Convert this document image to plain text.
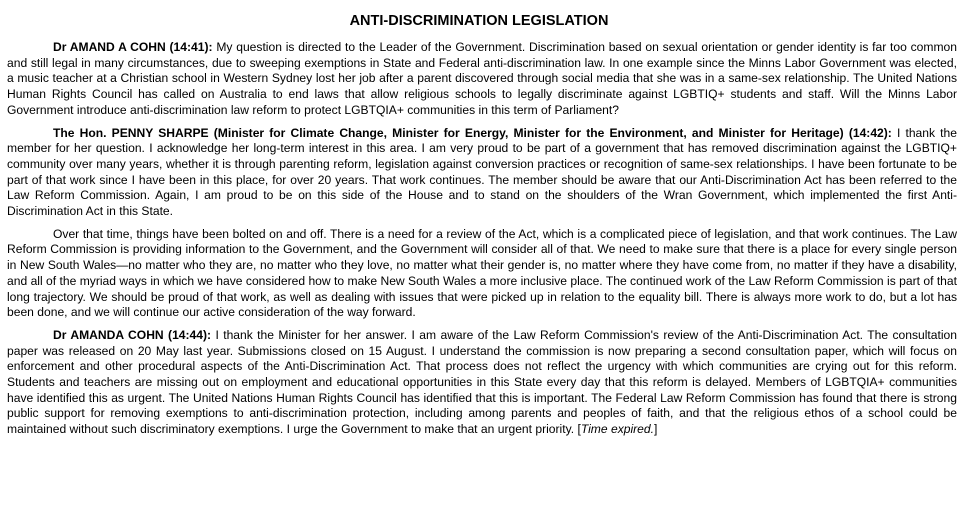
ANTI-DISCRIMINATION LEGISLATION

Dr AMAND A COHN (14:41): My question is directed to the Leader of the Government. Discrimination based on sexual orientation or gender identity is far too common and still legal in many circumstances, due to sweeping exemptions in State and Federal anti-discrimination law. In one example since the Minns Labor Government was elected, a music teacher at a Christian school in Western Sydney lost her job after a parent discovered through social media that she was in a same-sex relationship. The United Nations Human Rights Council has called on Australia to end laws that allow religious schools to legally discriminate against LGBTIQ+ students and staff. Will the Minns Labor Government introduce anti-discrimination law reform to protect LGBTQIA+ communities in this term of Parliament?

The Hon. PENNY SHARPE (Minister for Climate Change, Minister for Energy, Minister for the Environment, and Minister for Heritage) (14:42): I thank the member for her question. I acknowledge her long-term interest in this area. I am very proud to be part of a government that has removed discrimination against the LGBTIQ+ community over many years, whether it is through parenting reform, legislation against conversion practices or recognition of same-sex relationships. I have been fortunate to be part of that work since I have been in this place, for over 20 years. That work continues. The member should be aware that our Anti-Discrimination Act has been referred to the Law Reform Commission. Again, I am proud to be on this side of the House and to stand on the shoulders of the Wran Government, which implemented the first Anti-Discrimination Act in this State.

Over that time, things have been bolted on and off. There is a need for a review of the Act, which is a complicated piece of legislation, and that work continues. The Law Reform Commission is providing information to the Government, and the Government will consider all of that. We need to make sure that there is a place for every single person in New South Wales—no matter who they are, no matter who they love, no matter what their gender is, no matter where they have come from, no matter if they have a disability, and all of the myriad ways in which we have considered how to make New South Wales a more inclusive place. The continued work of the Law Reform Commission is part of that long trajectory. We should be proud of that work, as well as dealing with issues that were picked up in relation to the equality bill. There is always more work to do, but a lot has been done, and we will continue our active consideration of the way forward.

Dr AMANDA COHN (14:44): I thank the Minister for her answer. I am aware of the Law Reform Commission's review of the Anti-Discrimination Act. The consultation paper was released on 20 May last year. Submissions closed on 15 August. I understand the commission is now preparing a second consultation paper, which will focus on enforcement and other procedural aspects of the Anti-Discrimination Act. That process does not reflect the urgency with which communities are crying out for this reform. Students and teachers are missing out on employment and educational opportunities in this State every day that this reform is delayed. Members of LGBTQIA+ communities have identified this as urgent. The United Nations Human Rights Council has identified that this is important. The Federal Law Reform Commission has found that there is strong public support for removing exemptions to anti-discrimination protection, including among parents and peoples of faith, and that the religious ethos of a school could be maintained without such discriminatory exemptions. I urge the Government to make that an urgent priority. [Time expired.]
